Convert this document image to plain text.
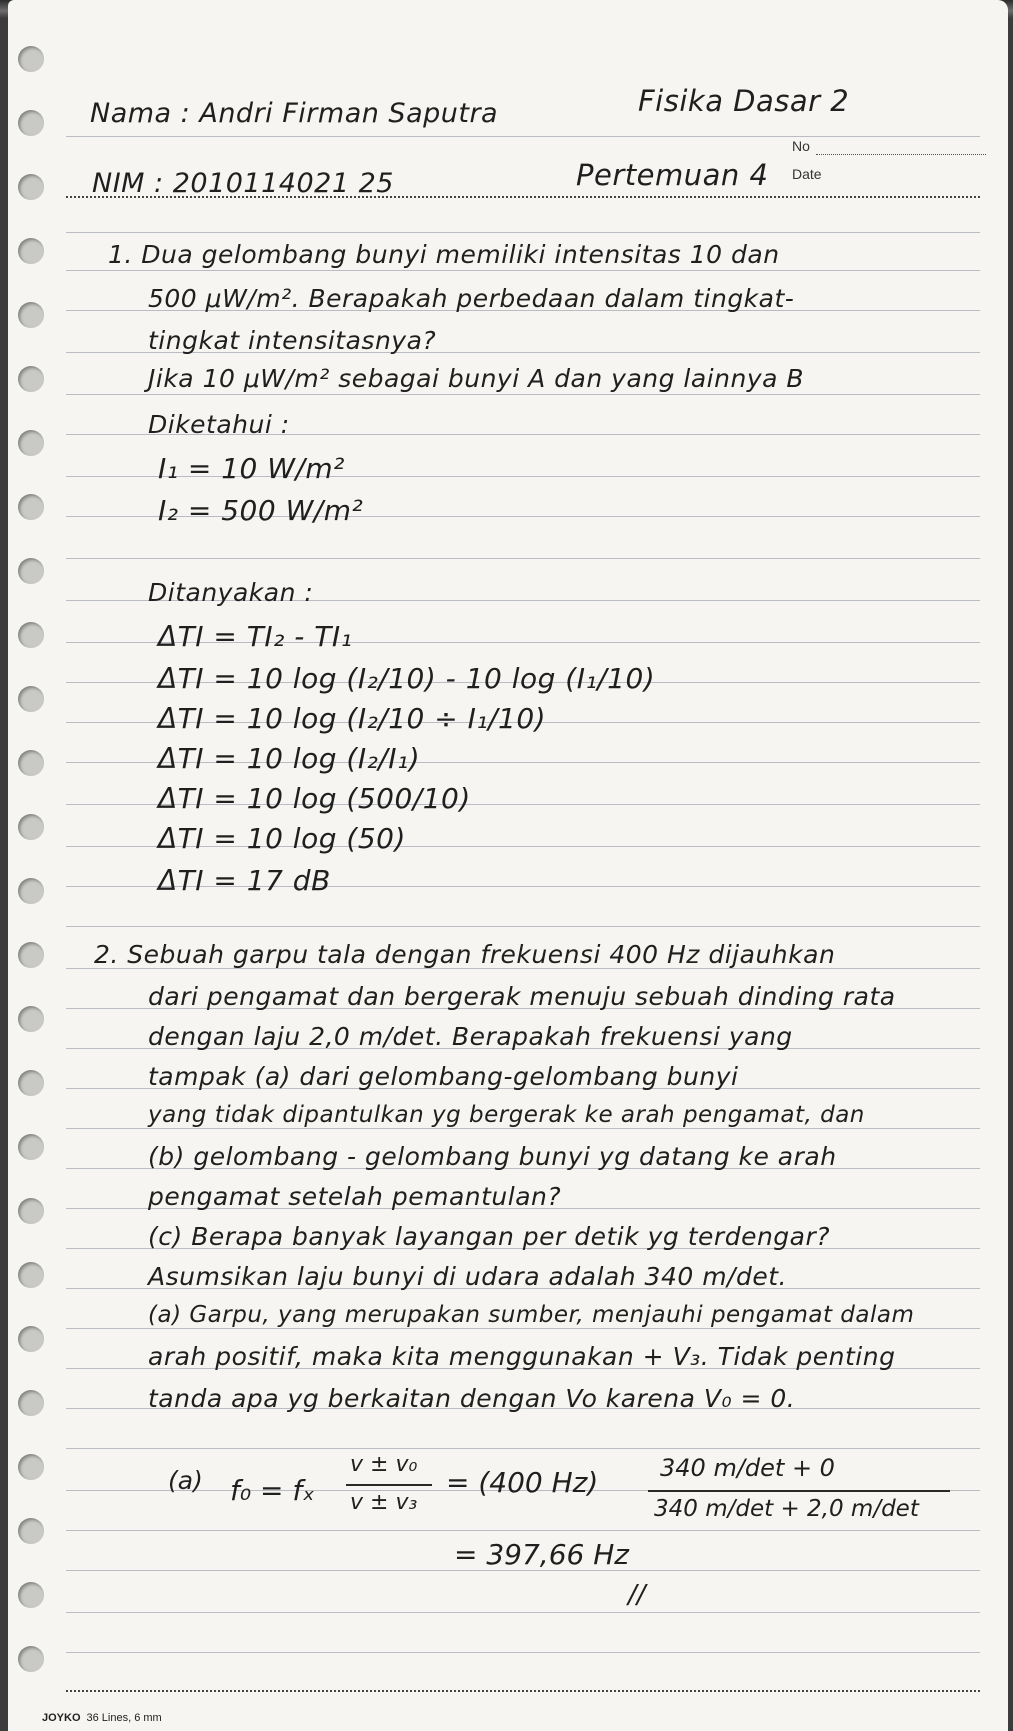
Nama : Andri Firman Saputra	Fisika Dasar 2
No
NIM : 2010114021 25	Pertemuan 4 Date
1. Dua gelombang bunyi memiliki intensitas 10 dan
500 μW/m². Berapakah perbedaan dalam tingkat-
tingkat intensitasnya?
Jika 10 μW/m² sebagai bunyi A dan yang lainnya B
Diketahui :
I₁ = 10 W/m²
I₂ = 500 W/m²
Ditanyakan :
ΔTI = TI₂ - TI₁
ΔTI = 10 log (I₂/10) - 10 log (I₁/10)
ΔTI = 10 log (I₂/10 ÷ I₁/10)
ΔTI = 10 log (I₂/I₁)
ΔTI = 10 log (500/10)
ΔTI = 10 log (50)
ΔTI = 17 dB
2. Sebuah garpu tala dengan frekuensi 400 Hz dijauhkan
dari pengamat dan bergerak menuju sebuah dinding rata
dengan laju 2,0 m/det. Berapakah frekuensi yang
tampak (a) dari gelombang-gelombang bunyi
yang tidak dipantulkan yg bergerak ke arah pengamat, dan
(b) gelombang - gelombang bunyi yg datang ke arah
pengamat setelah pemantulan?
(c) Berapa banyak layangan per detik yg terdengar?
Asumsikan laju bunyi di udara adalah 340 m/det.
(a) Garpu, yang merupakan sumber, menjauhi pengamat dalam
arah positif, maka kita menggunakan + V₃. Tidak penting
tanda apa yg berkaitan dengan Vo karena V₀ = 0.
(a) f₀ = fₓ
v ± v₀
v ± v₃
= (400 Hz)	340 m/det + 0
340 m/det + 2,0 m/det
= 397,66 Hz
//
JOYKO 36 Lines, 6 mm
